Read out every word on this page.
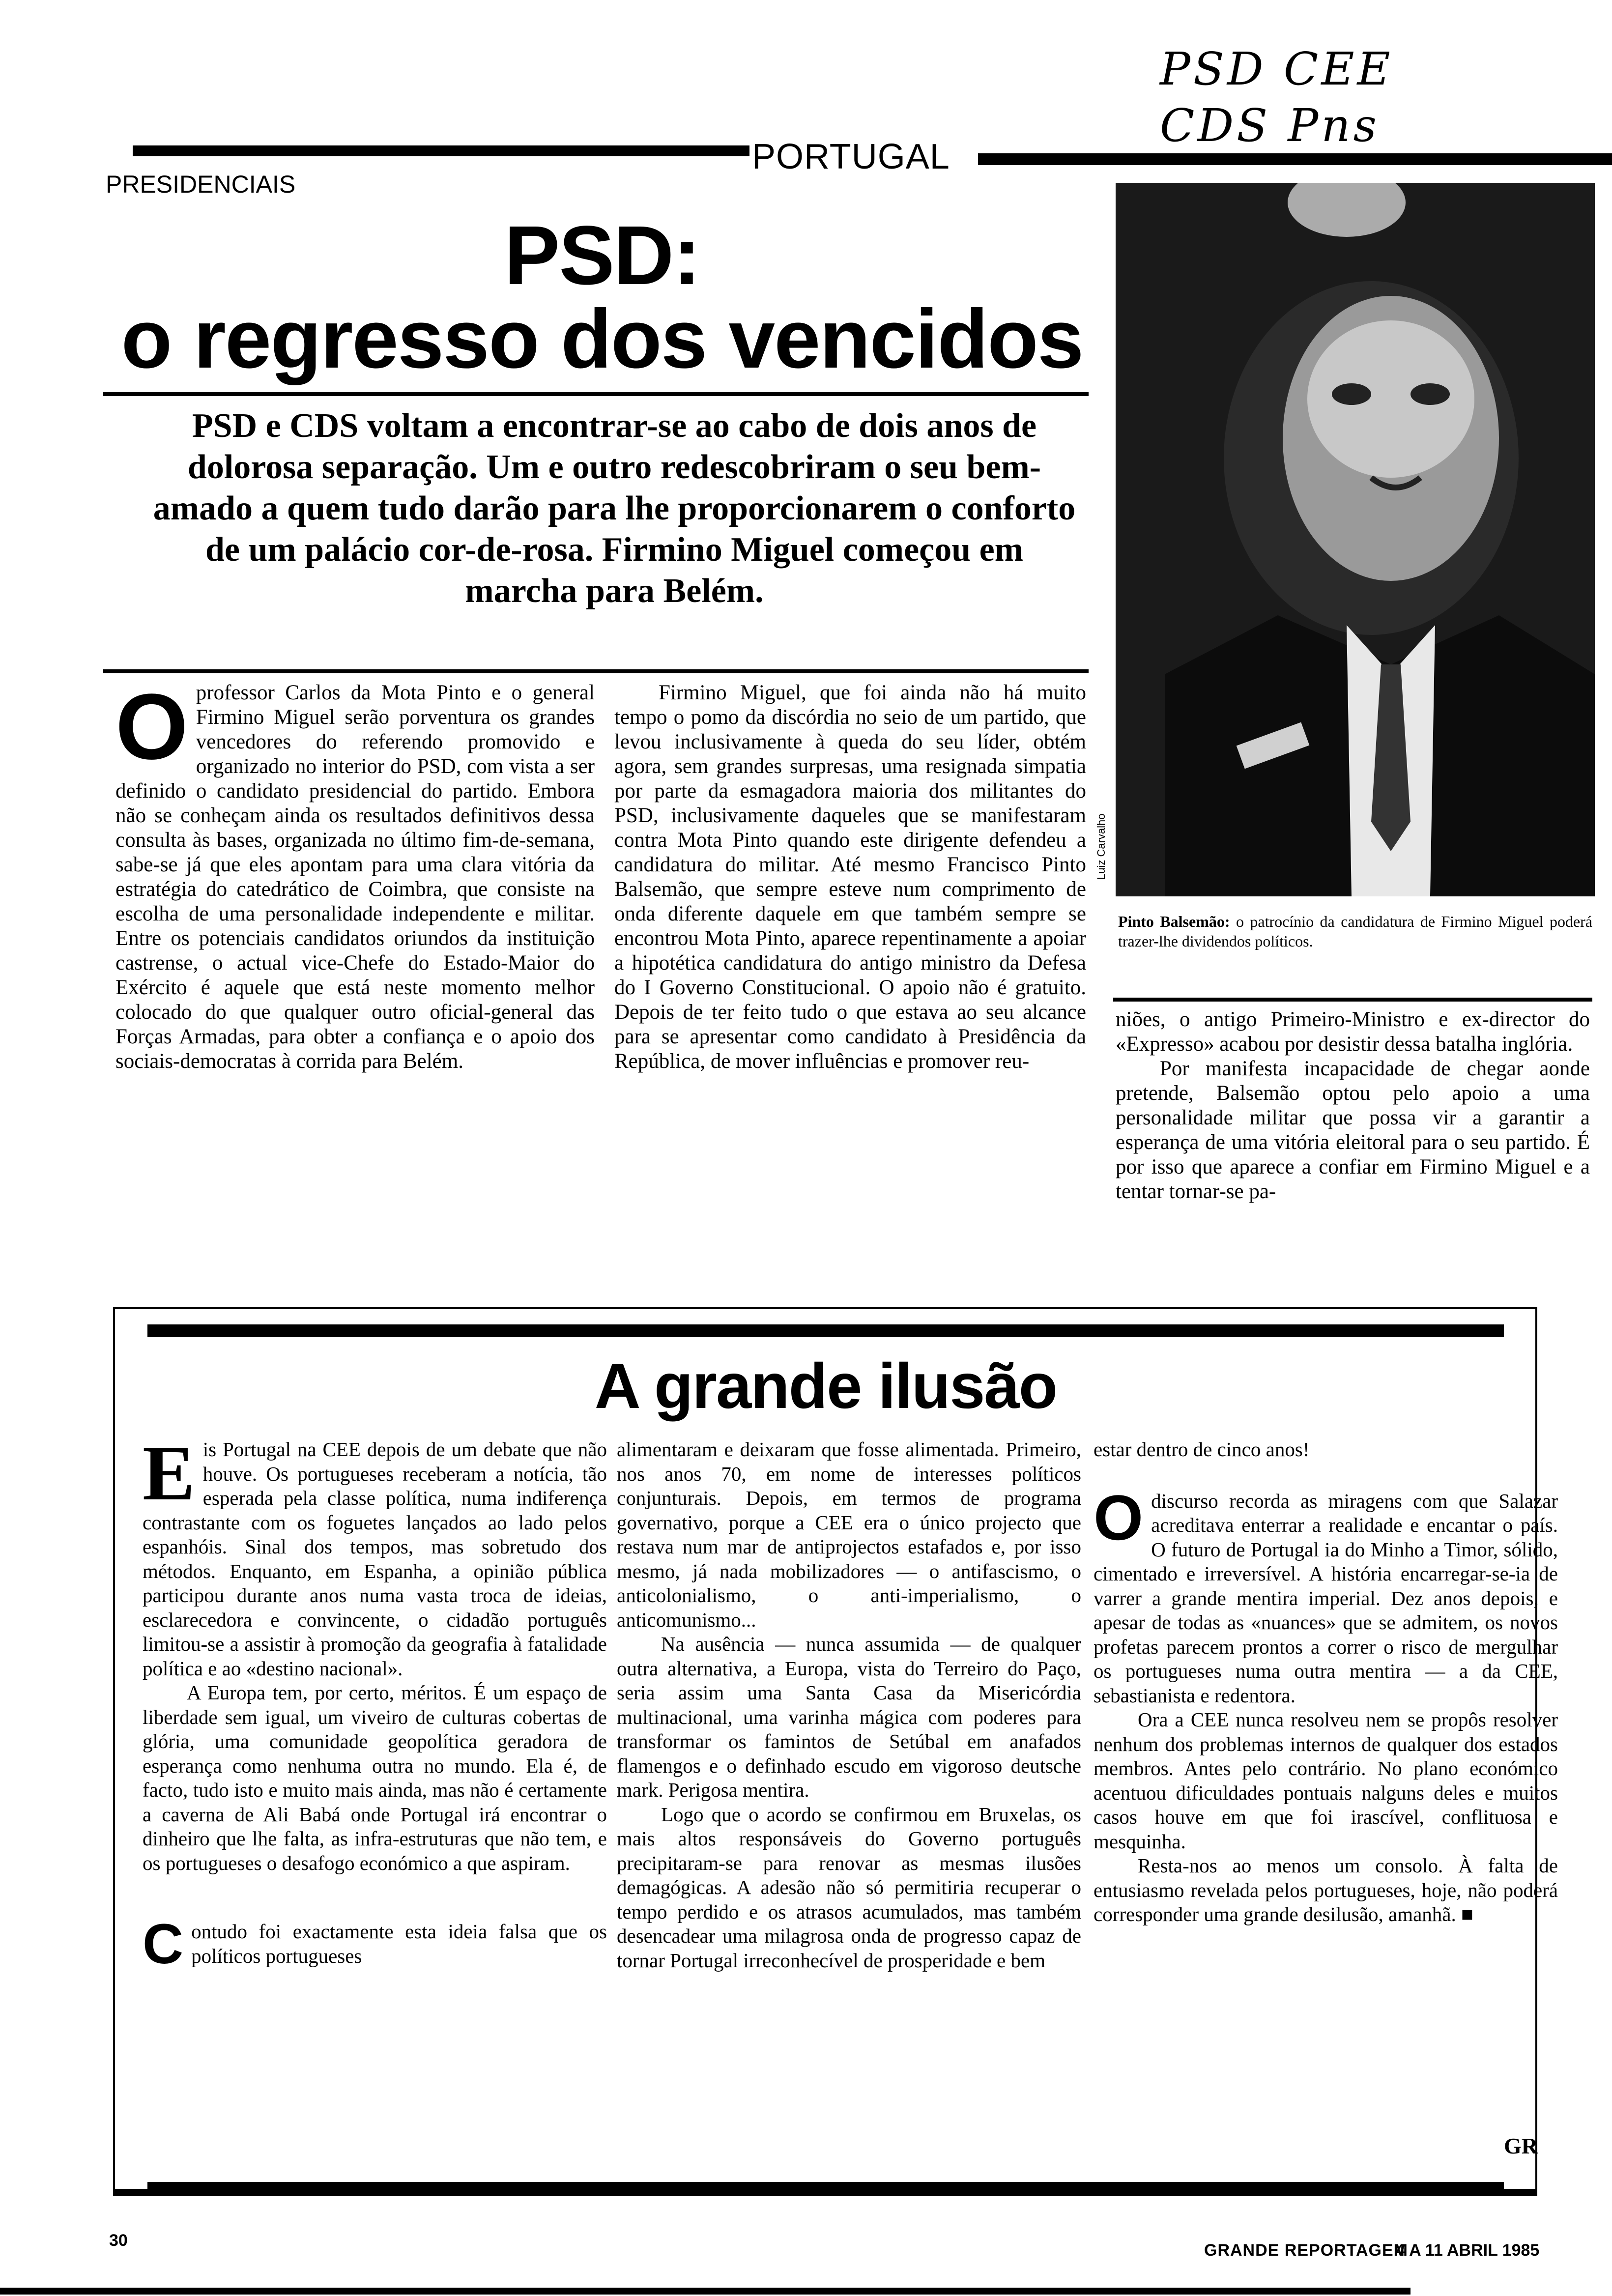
PSD CEE
CDS Pns
PORTUGAL
PRESIDENCIAIS
PSD:
o regresso dos vencidos
PSD e CDS voltam a encontrar-se ao cabo de dois anos de dolorosa separação. Um e outro redescobriram o seu bem-amado a quem tudo darão para lhe proporcionarem o conforto de um palácio cor-de-rosa. Firmino Miguel começou em marcha para Belém.
O professor Carlos da Mota Pinto e o general Firmino Miguel serão porventura os grandes vencedores do referendo promovido e organizado no interior do PSD, com vista a ser definido o candidato presidencial do partido. Embora não se conheçam ainda os resultados definitivos dessa consulta às bases, organizada no último fim-de-semana, sabe-se já que eles apontam para uma clara vitória da estratégia do catedrático de Coimbra, que consiste na escolha de uma personalidade independente e militar. Entre os potenciais candidatos oriundos da instituição castrense, o actual vice-Chefe do Estado-Maior do Exército é aquele que está neste momento melhor colocado do que qualquer outro oficial-general das Forças Armadas, para obter a confiança e o apoio dos sociais-democratas à corrida para Belém.

Firmino Miguel, que foi ainda não há muito tempo o pomo da discórdia no seio de um partido, que levou inclusivamente à queda do seu líder, obtém agora, sem grandes surpresas, uma resignada simpatia por parte da esmagadora maioria dos militantes do PSD, inclusivamente daqueles que se manifestaram contra Mota Pinto quando este dirigente defendeu a candidatura do militar. Até mesmo Francisco Pinto Balsemão, que sempre esteve num comprimento de onda diferente daquele em que também sempre se encontrou Mota Pinto, aparece repentinamente a apoiar a hipotética candidatura do antigo ministro da Defesa do I Governo Constitucional. O apoio não é gratuito. Depois de ter feito tudo o que estava ao seu alcance para se apresentar como candidato à Presidência da República, de mover influências e promover reu-

Luiz Carvalho
Pinto Balsemão: o patrocínio da candidatura de Firmino Miguel poderá trazer-lhe dividendos políticos.

niões, o antigo Primeiro-Ministro e ex-director do «Expresso» acabou por desistir dessa batalha inglória.

Por manifesta incapacidade de chegar aonde pretende, Balsemão optou pelo apoio a uma personalidade militar que possa vir a garantir a esperança de uma vitória eleitoral para o seu partido. É por isso que aparece a confiar em Firmino Miguel e a tentar tornar-se pa-

A grande ilusão
E is Portugal na CEE depois de um debate que não houve. Os portugueses receberam a notícia, tão esperada pela classe política, numa indiferença contrastante com os foguetes lançados ao lado pelos espanhóis. Sinal dos tempos, mas sobretudo dos métodos. Enquanto, em Espanha, a opinião pública participou durante anos numa vasta troca de ideias, esclarecedora e convincente, o cidadão português limitou-se a assistir à promoção da geografia à fatalidade política e ao «destino nacional».

A Europa tem, por certo, méritos. É um espaço de liberdade sem igual, um viveiro de culturas cobertas de glória, uma comunidade geopolítica geradora de esperança como nenhuma outra no mundo. Ela é, de facto, tudo isto e muito mais ainda, mas não é certamente a caverna de Ali Babá onde Portugal irá encontrar o dinheiro que lhe falta, as infra-estruturas que não tem, e os portugueses o desafogo económico a que aspiram.

C ontudo foi exactamente esta ideia falsa que os políticos portugueses

alimentaram e deixaram que fosse alimentada. Primeiro, nos anos 70, em nome de interesses políticos conjunturais. Depois, em termos de programa governativo, porque a CEE era o único projecto que restava num mar de antiprojectos estafados e, por isso mesmo, já nada mobilizadores — o antifascismo, o anticolonialismo, o anti-imperialismo, o anticomunismo...

Na ausência — nunca assumida — de qualquer outra alternativa, a Europa, vista do Terreiro do Paço, seria assim uma Santa Casa da Misericórdia multinacional, uma varinha mágica com poderes para transformar os famintos de Setúbal em anafados flamengos e o definhado escudo em vigoroso deutsche mark. Perigosa mentira.

Logo que o acordo se confirmou em Bruxelas, os mais altos responsáveis do Governo português precipitaram-se para renovar as mesmas ilusões demagógicas. A adesão não só permitiria recuperar o tempo perdido e os atrasos acumulados, mas também desencadear uma milagrosa onda de progresso capaz de tornar Portugal irreconhecível de prosperidade e bem

estar dentro de cinco anos!

O discurso recorda as miragens com que Salazar acreditava enterrar a realidade e encantar o país. O futuro de Portugal ia do Minho a Timor, sólido, cimentado e irreversível. A história encarregar-se-ia de varrer a grande mentira imperial. Dez anos depois, e apesar de todas as «nuances» que se admitem, os novos profetas parecem prontos a correr o risco de mergulhar os portugueses numa outra mentira — a da CEE, sebastianista e redentora.

Ora a CEE nunca resolveu nem se propôs resolver nenhum dos problemas internos de qualquer dos estados membros. Antes pelo contrário. No plano económico acentuou dificuldades pontuais nalguns deles e muitos casos houve em que foi irascível, conflituosa e mesquinha.

Resta-nos ao menos um consolo. À falta de entusiasmo revelada pelos portugueses, hoje, não poderá corresponder uma grande desilusão, amanhã. ■

GR
30
GRANDE REPORTAGEM
4 A 11 ABRIL 1985
